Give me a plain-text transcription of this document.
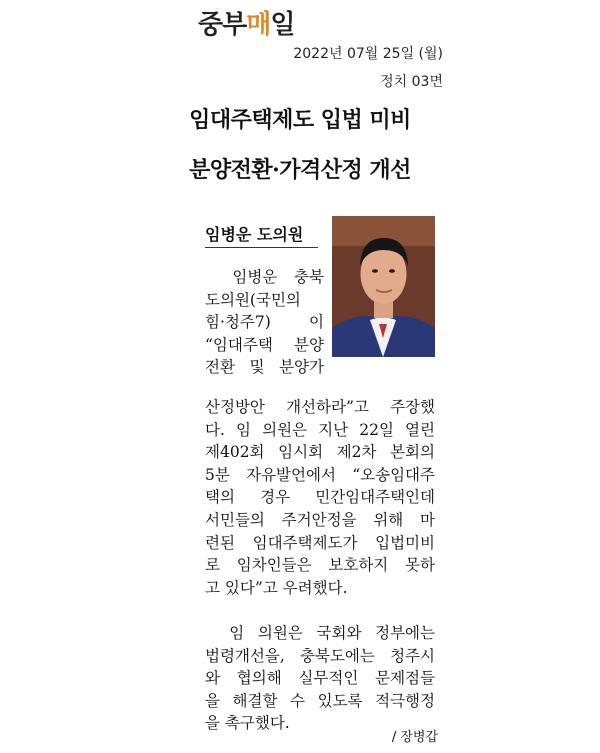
중부매일
2022년 07월 25일 (월)
정치 03면
임대주택제도 입법 미비
분양전환·가격산정 개선
임병운 도의원
　임병운 충북
도의원(국민의
힘·청주7) 이
“임대주택 분양
전환 및 분양가
산정방안 개선하라”고 주장했
다. 임 의원은 지난 22일 열린
제402회 임시회 제2차 본회의
5분 자유발언에서 “오송임대주
택의 경우 민간임대주택인데
서민들의 주거안정을 위해 마
련된 임대주택제도가 입법미비
로 임차인들은 보호하지 못하
고 있다”고 우려했다.
　임 의원은 국회와 정부에는
법령개선을, 충북도에는 청주시
와 협의해 실무적인 문제점들
을 해결할 수 있도록 적극행정
을 촉구했다.
/ 장병갑
